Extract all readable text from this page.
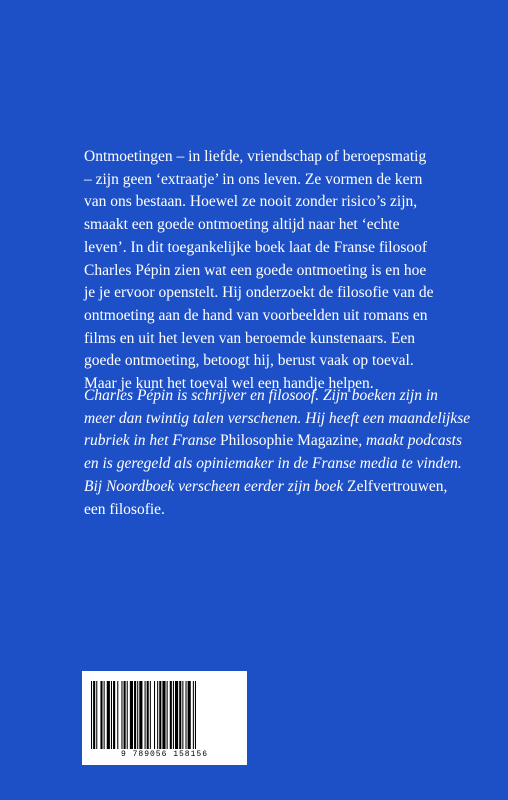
Ontmoetingen – in liefde, vriendschap of beroepsmatig
– zijn geen ‘extraatje’ in ons leven. Ze vormen de kern
van ons bestaan. Hoewel ze nooit zonder risico’s zijn,
smaakt een goede ontmoeting altijd naar het ‘echte
leven’. In dit toegankelijke boek laat de Franse filosoof
Charles Pépin zien wat een goede ontmoeting is en hoe
je je ervoor openstelt. Hij onderzoekt de filosofie van de
ontmoeting aan de hand van voorbeelden uit romans en
films en uit het leven van beroemde kunstenaars. Een
goede ontmoeting, betoogt hij, berust vaak op toeval.
Maar je kunt het toeval wel een handje helpen.
Charles Pépin is schrijver en filosoof. Zijn boeken zijn in
meer dan twintig talen verschenen. Hij heeft een maandelijkse
rubriek in het Franse Philosophie Magazine, maakt podcasts
en is geregeld als opiniemaker in de Franse media te vinden.
Bij Noordboek verscheen eerder zijn boek Zelfvertrouwen,
een filosofie.
9 789056 158156
